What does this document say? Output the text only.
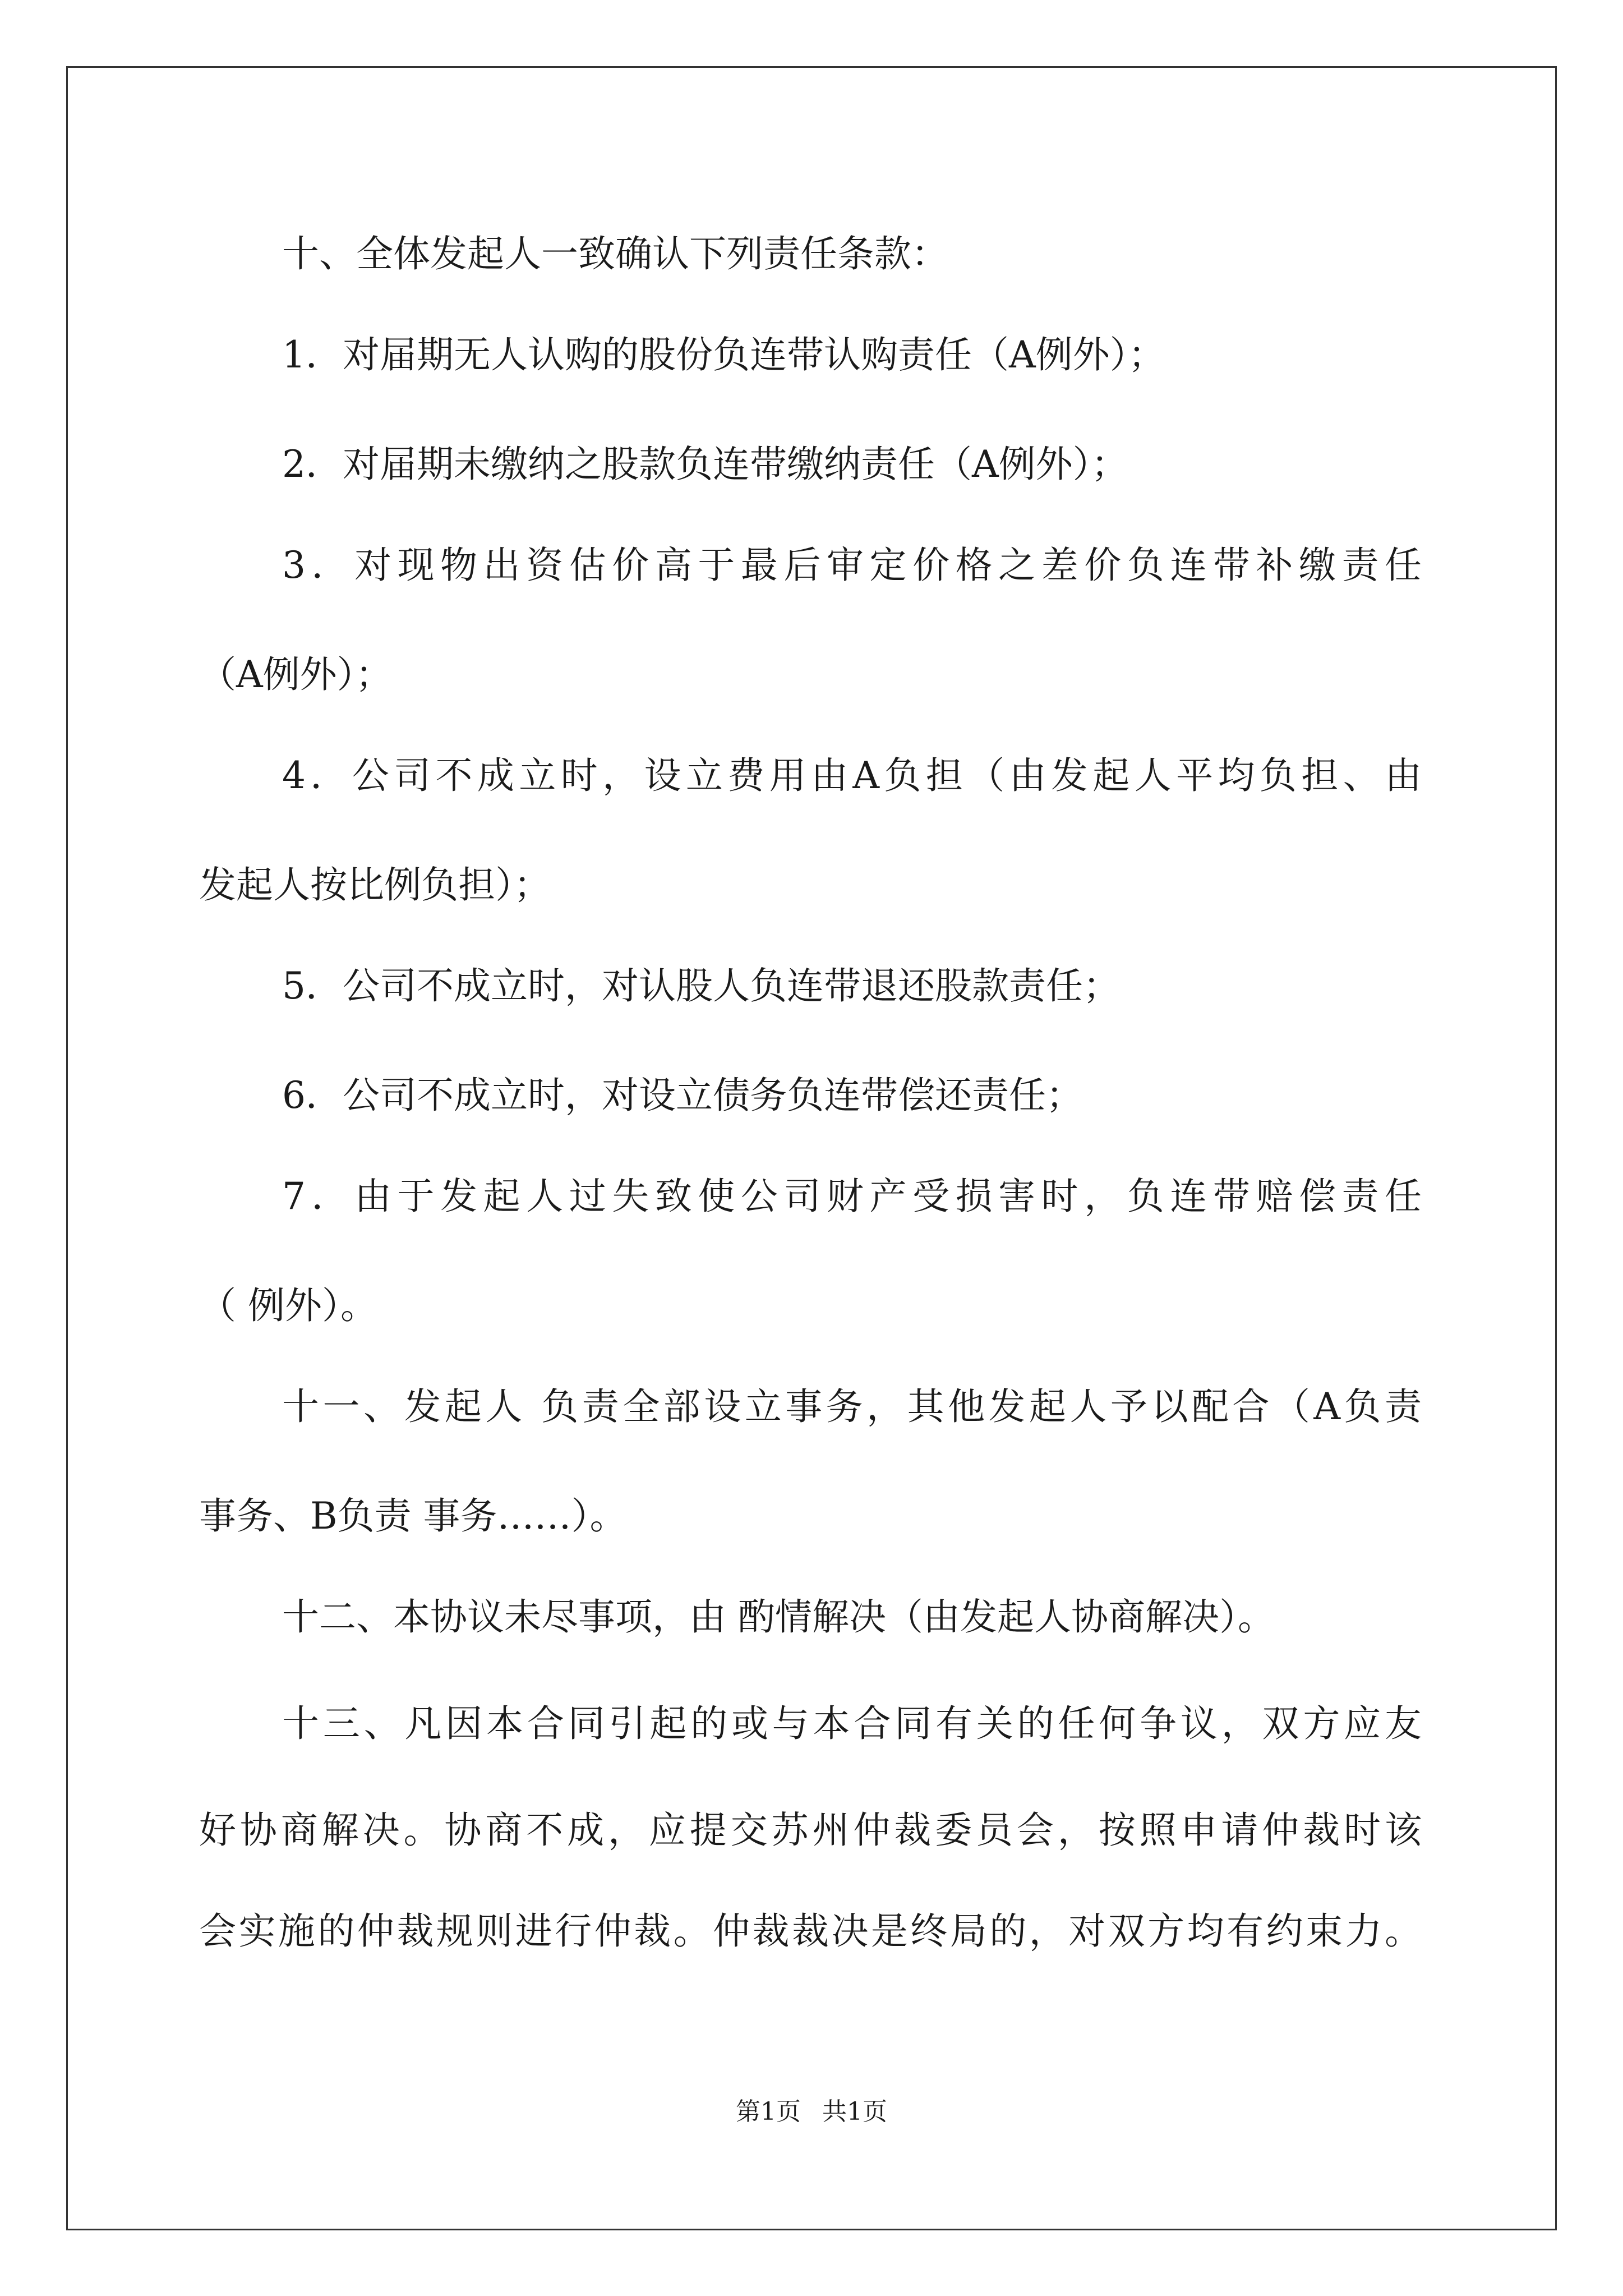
十、全体发起人一致确认下列责任条款：
1．对届期无人认购的股份负连带认购责任（A例外）；
2．对届期未缴纳之股款负连带缴纳责任（A例外）；
3．对现物出资估价高于最后审定价格之差价负连带补缴责任
（A例外）；
4．公司不成立时，设立费用由A负担（由发起人平均负担、由
发起人按比例负担）；
5．公司不成立时，对认股人负连带退还股款责任；
6．公司不成立时，对设立债务负连带偿还责任；
7．由于发起人过失致使公司财产受损害时，负连带赔偿责任
（ 例外）。
十一、发起人 负责全部设立事务，其他发起人予以配合（A负责
事务、B负责 事务……）。
十二、本协议未尽事项，由 酌情解决（由发起人协商解决）。
十三、凡因本合同引起的或与本合同有关的任何争议，双方应友
好协商解决。协商不成，应提交苏州仲裁委员会，按照申请仲裁时该
会实施的仲裁规则进行仲裁。仲裁裁决是终局的，对双方均有约束力。
第1页 共1页
